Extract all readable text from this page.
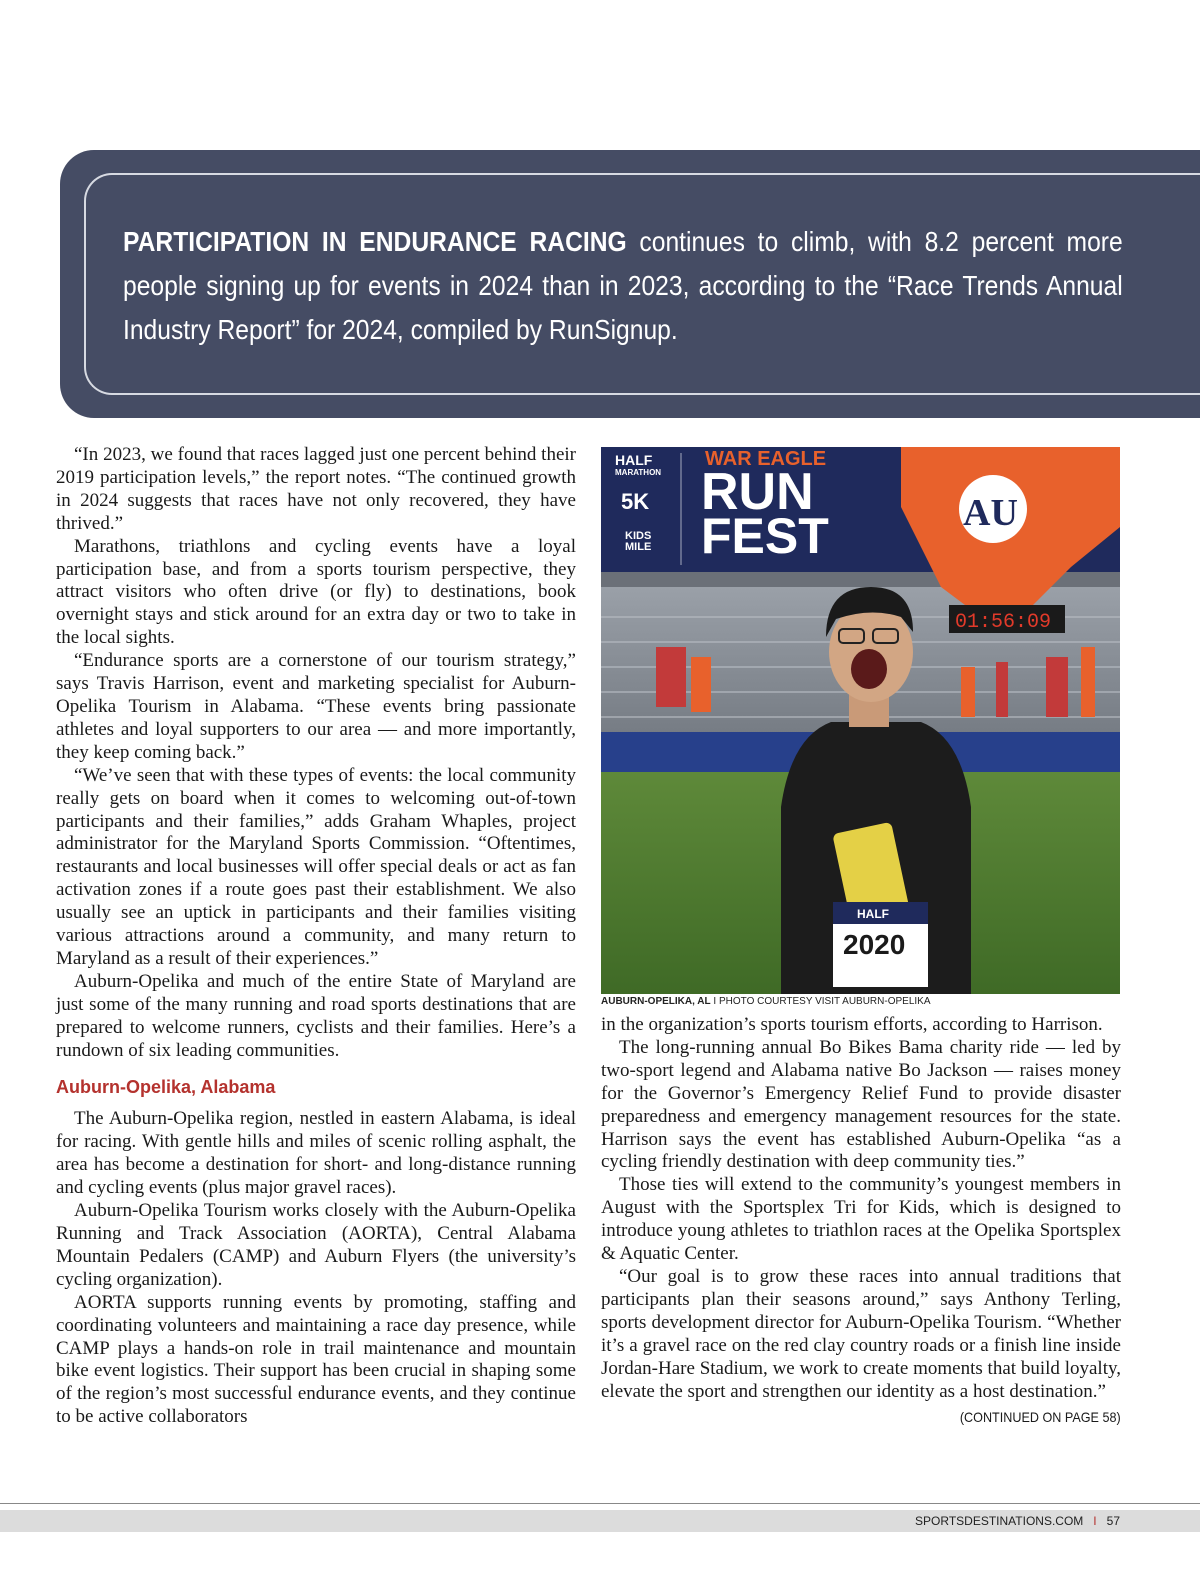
PARTICIPATION IN ENDURANCE RACING continues to climb, with 8.2 percent more people signing up for events in 2024 than in 2023, according to the “Race Trends Annual Industry Report” for 2024, compiled by RunSignup.

“In 2023, we found that races lagged just one percent behind their 2019 participation levels,” the report notes. “The continued growth in 2024 suggests that races have not only recovered, they have thrived.”

Marathons, triathlons and cycling events have a loyal participation base, and from a sports tourism perspective, they attract visitors who often drive (or fly) to destinations, book overnight stays and stick around for an extra day or two to take in the local sights.

“Endurance sports are a cornerstone of our tourism strategy,” says Travis Harrison, event and marketing specialist for Auburn-Opelika Tourism in Alabama. “These events bring passionate athletes and loyal supporters to our area — and more importantly, they keep coming back.”

“We’ve seen that with these types of events: the local community really gets on board when it comes to welcoming out-of-town participants and their families,” adds Graham Whaples, project administrator for the Maryland Sports Commission. “Oftentimes, restaurants and local businesses will offer special deals or act as fan activation zones if a route goes past their establishment. We also usually see an uptick in participants and their families visiting various attractions around a community, and many return to Maryland as a result of their experiences.”

Auburn-Opelika and much of the entire State of Maryland are just some of the many running and road sports destinations that are prepared to welcome runners, cyclists and their families. Here’s a rundown of six leading communities.

Auburn-Opelika, Alabama

The Auburn-Opelika region, nestled in eastern Alabama, is ideal for racing. With gentle hills and miles of scenic rolling asphalt, the area has become a destination for short- and long-distance running and cycling events (plus major gravel races).

Auburn-Opelika Tourism works closely with the Auburn-Opelika Running and Track Association (AORTA), Central Alabama Mountain Pedalers (CAMP) and Auburn Flyers (the university’s cycling organization).

AORTA supports running events by promoting, staffing and coordinating volunteers and maintaining a race day presence, while CAMP plays a hands-on role in trail maintenance and mountain bike event logistics. Their support has been crucial in shaping some of the region’s most successful endurance events, and they continue to be active collaborators

HALF
MARATHON
5K
KIDS
MILE
WAR EAGLE
RUN
FEST	AU
01:56:09
HALF
2020
AUBURN-OPELIKA, AL I PHOTO COURTESY VISIT AUBURN-OPELIKA

in the organization’s sports tourism efforts, according to Harrison.

The long-running annual Bo Bikes Bama charity ride — led by two-sport legend and Alabama native Bo Jackson — raises money for the Governor’s Emergency Relief Fund to provide disaster preparedness and emergency management resources for the state. Harrison says the event has established Auburn-Opelika “as a cycling friendly destination with deep community ties.”

Those ties will extend to the community’s youngest members in August with the Sportsplex Tri for Kids, which is designed to introduce young athletes to triathlon races at the Opelika Sportsplex & Aquatic Center.

“Our goal is to grow these races into annual traditions that participants plan their seasons around,” says Anthony Terling, sports development director for Auburn-Opelika Tourism. “Whether it’s a gravel race on the red clay country roads or a finish line inside Jordan-Hare Stadium, we work to create moments that build loyalty, elevate the sport and strengthen our identity as a host destination.”
(CONTINUED ON PAGE 58)

SPORTSDESTINATIONS.COM I 57
